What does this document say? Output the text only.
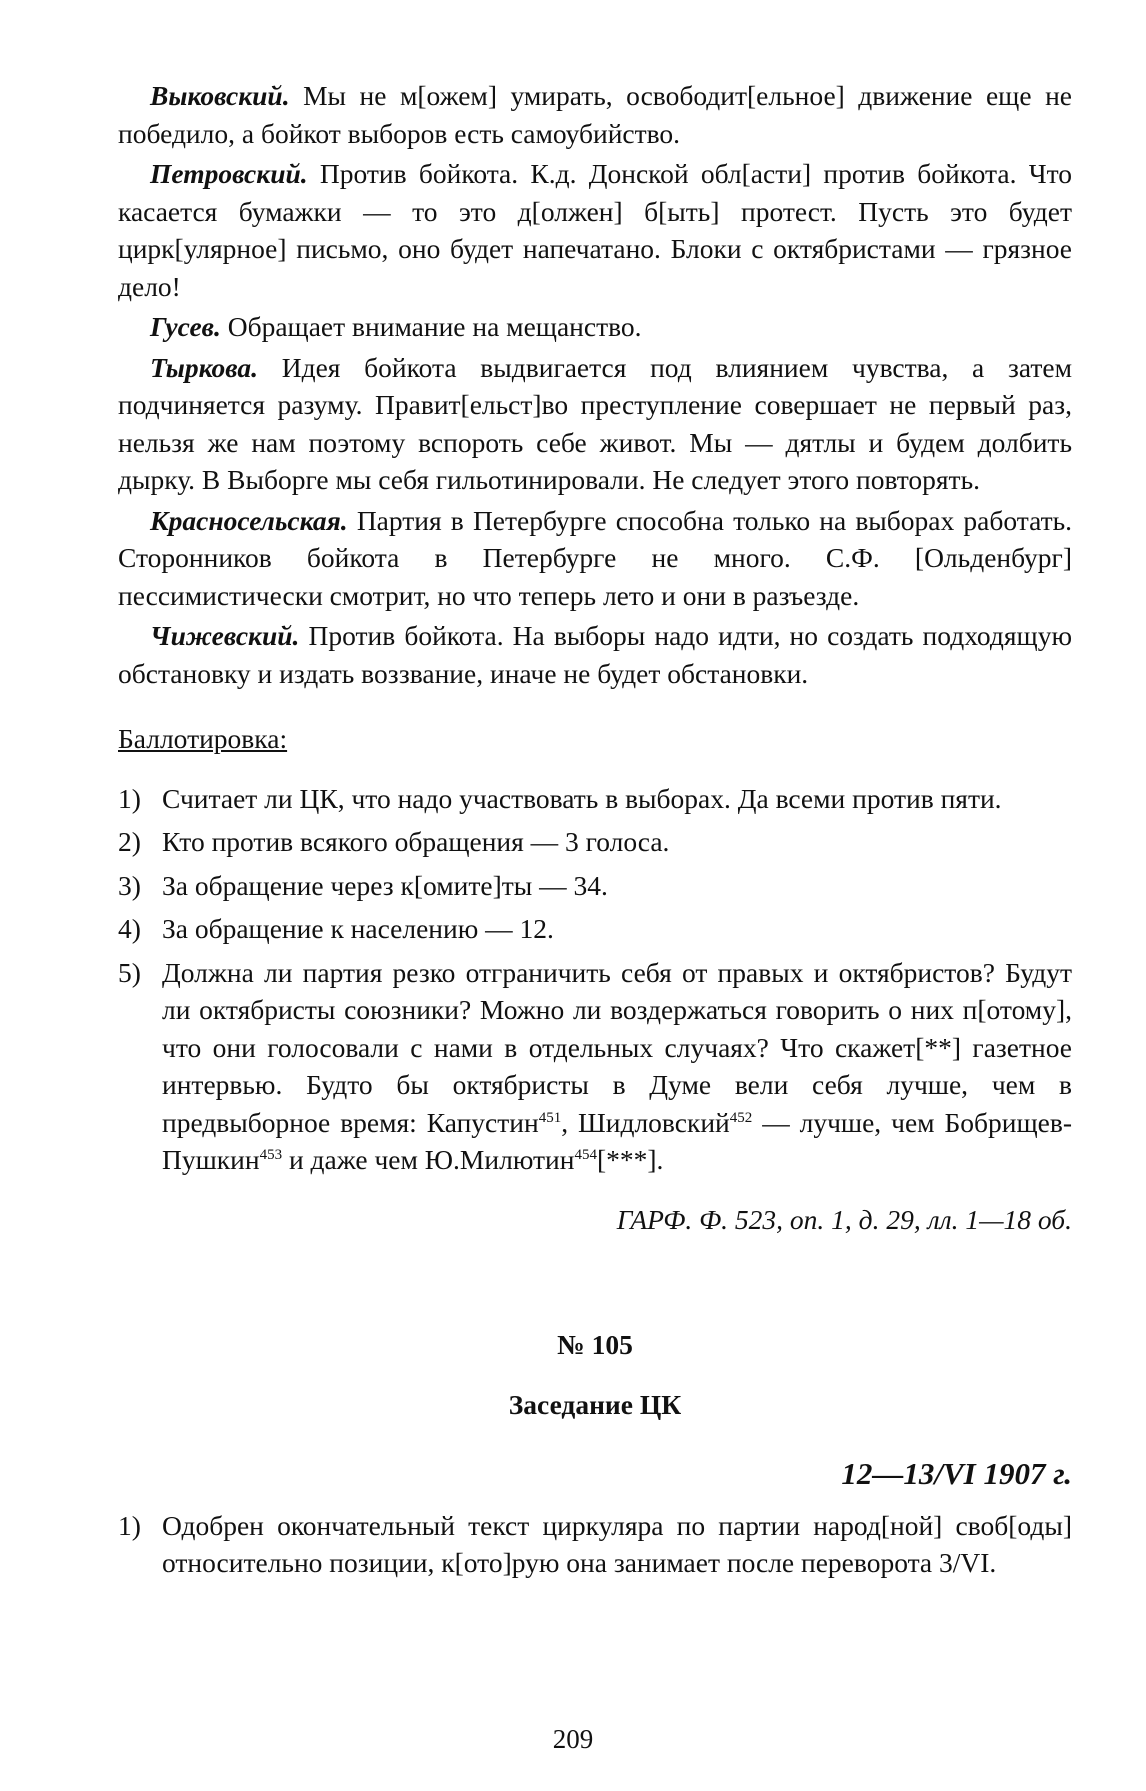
Выковский. Мы не м[ожем] умирать, освободит[ельное] движение еще не победило, а бойкот выборов есть самоубийство.

Петровский. Против бойкота. К.д. Донской обл[асти] против бойкота. Что касается бумажки — то это д[олжен] б[ыть] протест. Пусть это будет цирк[улярное] письмо, оно будет напечатано. Блоки с октябристами — грязное дело!

Гусев. Обращает внимание на мещанство.

Тыркова. Идея бойкота выдвигается под влиянием чувства, а затем подчиняется разуму. Правит[ельст]во преступление совершает не первый раз, нельзя же нам поэтому вспороть себе живот. Мы — дятлы и будем долбить дырку. В Выборге мы себя гильотинировали. Не следует этого повторять.

Красносельская. Партия в Петербурге способна только на выборах работать. Сторонников бойкота в Петербурге не много. С.Ф. [Ольденбург] пессимистически смотрит, но что теперь лето и они в разъезде.

Чижевский. Против бойкота. На выборы надо идти, но создать подходящую обстановку и издать воззвание, иначе не будет обстановки.

Баллотировка:
1) Считает ли ЦК, что надо участвовать в выборах. Да всеми против пяти.
2) Кто против всякого обращения — 3 голоса.
3) За обращение через к[омите]ты — 34.
4) За обращение к населению — 12.
5) Должна ли партия резко отграничить себя от правых и октябристов? Будут ли октябристы союзники? Можно ли воздержаться говорить о них п[отому], что они голосовали с нами в отдельных случаях? Что скажет[**] газетное интервью. Будто бы октябристы в Думе вели себя лучше, чем в предвыборное время: Капустин$^{451}$, Шидловский$^{452}$ — лучше, чем Бобрищев-Пушкин$^{453}$ и даже чем Ю.Милютин$^{454}$[***].
ГАРФ. Ф. 523, оп. 1, д. 29, лл. 1—18 об.
№ 105
Заседание ЦК
12—13/VI 1907 г.
1) Одобрен окончательный текст циркуляра по партии народ[ной] своб[оды] относительно позиции, к[ото]рую она занимает после переворота 3/VI.
209
